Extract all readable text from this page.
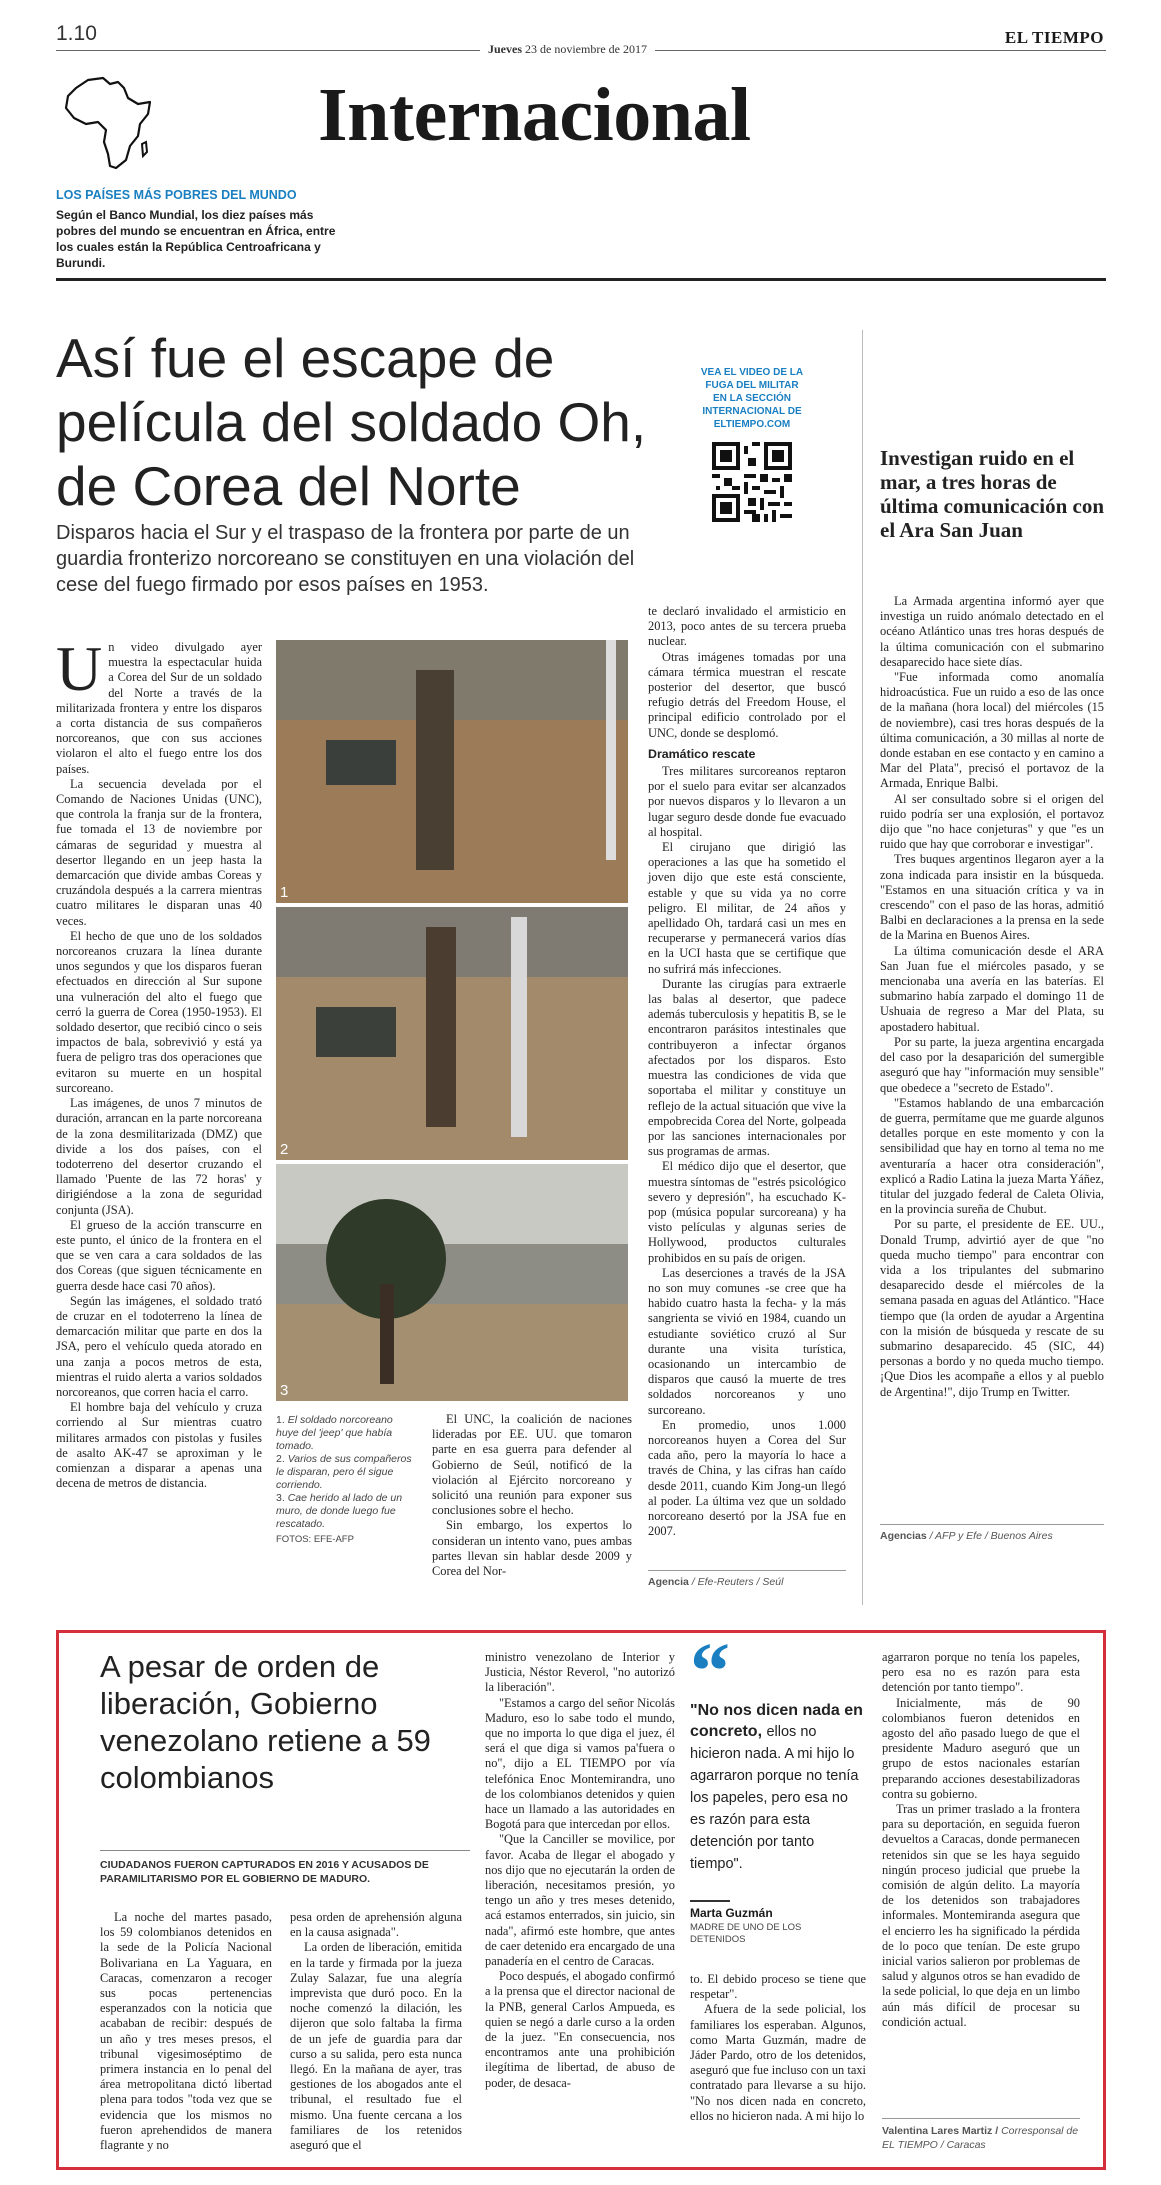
1.10
Jueves 23 de noviembre de 2017
EL TIEMPO
Internacional
LOS PAÍSES MÁS POBRES DEL MUNDO
Según el Banco Mundial, los diez países más pobres del mundo se encuentran en África, entre los cuales están la República Centroafricana y Burundi.
Así fue el escape de película del soldado Oh, de Corea del Norte
Disparos hacia el Sur y el traspaso de la frontera por parte de un guardia fronterizo norcoreano se constituyen en una violación del cese del fuego firmado por esos países en 1953.
VEA EL VIDEO DE LA FUGA DEL MILITAR EN LA SECCIÓN INTERNACIONAL DE ELTIEMPO.COM
U n video divulgado ayer muestra la espectacular huida a Corea del Sur de un soldado del Norte a través de la militarizada frontera y entre los disparos a corta distancia de sus compañeros norcoreanos, que con sus acciones violaron el alto el fuego entre los dos países.

La secuencia develada por el Comando de Naciones Unidas (UNC), que controla la franja sur de la frontera, fue tomada el 13 de noviembre por cámaras de seguridad y muestra al desertor llegando en un jeep hasta la demarcación que divide ambas Coreas y cruzándola después a la carrera mientras cuatro militares le disparan unas 40 veces.

El hecho de que uno de los soldados norcoreanos cruzara la línea durante unos segundos y que los disparos fueran efectuados en dirección al Sur supone una vulneración del alto el fuego que cerró la guerra de Corea (1950-1953). El soldado desertor, que recibió cinco o seis impactos de bala, sobrevivió y está ya fuera de peligro tras dos operaciones que evitaron su muerte en un hospital surcoreano.

Las imágenes, de unos 7 minutos de duración, arrancan en la parte norcoreana de la zona desmilitarizada (DMZ) que divide a los dos países, con el todoterreno del desertor cruzando el llamado 'Puente de las 72 horas' y dirigiéndose a la zona de seguridad conjunta (JSA).

El grueso de la acción transcurre en este punto, el único de la frontera en el que se ven cara a cara soldados de las dos Coreas (que siguen técnicamente en guerra desde hace casi 70 años).

Según las imágenes, el soldado trató de cruzar en el todoterreno la línea de demarcación militar que parte en dos la JSA, pero el vehículo queda atorado en una zanja a pocos metros de esta, mientras el ruido alerta a varios soldados norcoreanos, que corren hacia el carro.

El hombre baja del vehículo y cruza corriendo al Sur mientras cuatro militares armados con pistolas y fusiles de asalto AK-47 se aproximan y le comienzan a disparar a apenas una decena de metros de distancia.

1
2
3
1. El soldado norcoreano huye del 'jeep' que había tomado.
2. Varios de sus compañeros le disparan, pero él sigue corriendo.
3. Cae herido al lado de un muro, de donde luego fue rescatado.
FOTOS: EFE-AFP

El UNC, la coalición de naciones lideradas por EE. UU. que tomaron parte en esa guerra para defender al Gobierno de Seúl, notificó de la violación al Ejército norcoreano y solicitó una reunión para exponer sus conclusiones sobre el hecho.

Sin embargo, los expertos lo consideran un intento vano, pues ambas partes llevan sin hablar desde 2009 y Corea del Nor-

te declaró invalidado el armisticio en 2013, poco antes de su tercera prueba nuclear.

Otras imágenes tomadas por una cámara térmica muestran el rescate posterior del desertor, que buscó refugio detrás del Freedom House, el principal edificio controlado por el UNC, donde se desplomó.

Dramático rescate

Tres militares surcoreanos reptaron por el suelo para evitar ser alcanzados por nuevos disparos y lo llevaron a un lugar seguro desde donde fue evacuado al hospital.

El cirujano que dirigió las operaciones a las que ha sometido el joven dijo que este está consciente, estable y que su vida ya no corre peligro. El militar, de 24 años y apellidado Oh, tardará casi un mes en recuperarse y permanecerá varios días en la UCI hasta que se certifique que no sufrirá más infecciones.

Durante las cirugías para extraerle las balas al desertor, que padece además tuberculosis y hepatitis B, se le encontraron parásitos intestinales que contribuyeron a infectar órganos afectados por los disparos. Esto muestra las condiciones de vida que soportaba el militar y constituye un reflejo de la actual situación que vive la empobrecida Corea del Norte, golpeada por las sanciones internacionales por sus programas de armas.

El médico dijo que el desertor, que muestra síntomas de "estrés psicológico severo y depresión", ha escuchado K-pop (música popular surcoreana) y ha visto películas y algunas series de Hollywood, productos culturales prohibidos en su país de origen.

Las deserciones a través de la JSA no son muy comunes -se cree que ha habido cuatro hasta la fecha- y la más sangrienta se vivió en 1984, cuando un estudiante soviético cruzó al Sur durante una visita turística, ocasionando un intercambio de disparos que causó la muerte de tres soldados norcoreanos y uno surcoreano.

En promedio, unos 1.000 norcoreanos huyen a Corea del Sur cada año, pero la mayoría lo hace a través de China, y las cifras han caído desde 2011, cuando Kim Jong-un llegó al poder. La última vez que un soldado norcoreano desertó por la JSA fue en 2007.

Agencia / Efe-Reuters / Seúl
Investigan ruido en el mar, a tres horas de última comunicación con el Ara San Juan

La Armada argentina informó ayer que investiga un ruido anómalo detectado en el océano Atlántico unas tres horas después de la última comunicación con el submarino desaparecido hace siete días.

"Fue informada como anomalía hidroacústica. Fue un ruido a eso de las once de la mañana (hora local) del miércoles (15 de noviembre), casi tres horas después de la última comunicación, a 30 millas al norte de donde estaban en ese contacto y en camino a Mar del Plata", precisó el portavoz de la Armada, Enrique Balbi.

Al ser consultado sobre si el origen del ruido podría ser una explosión, el portavoz dijo que "no hace conjeturas" y que "es un ruido que hay que corroborar e investigar".

Tres buques argentinos llegaron ayer a la zona indicada para insistir en la búsqueda. "Estamos en una situación crítica y va in crescendo" con el paso de las horas, admitió Balbi en declaraciones a la prensa en la sede de la Marina en Buenos Aires.

La última comunicación desde el ARA San Juan fue el miércoles pasado, y se mencionaba una avería en las baterías. El submarino había zarpado el domingo 11 de Ushuaia de regreso a Mar del Plata, su apostadero habitual.

Por su parte, la jueza argentina encargada del caso por la desaparición del sumergible aseguró que hay "información muy sensible" que obedece a "secreto de Estado".

"Estamos hablando de una embarcación de guerra, permítame que me guarde algunos detalles porque en este momento y con la sensibilidad que hay en torno al tema no me aventuraría a hacer otra consideración", explicó a Radio Latina la jueza Marta Yáñez, titular del juzgado federal de Caleta Olivia, en la provincia sureña de Chubut.

Por su parte, el presidente de EE. UU., Donald Trump, advirtió ayer de que "no queda mucho tiempo" para encontrar con vida a los tripulantes del submarino desaparecido desde el miércoles de la semana pasada en aguas del Atlántico. "Hace tiempo que (la orden de ayudar a Argentina con la misión de búsqueda y rescate de su submarino desaparecido. 45 (SIC, 44) personas a bordo y no queda mucho tiempo. ¡Que Dios les acompañe a ellos y al pueblo de Argentina!", dijo Trump en Twitter.

Agencias / AFP y Efe / Buenos Aires
A pesar de orden de liberación, Gobierno venezolano retiene a 59 colombianos
CIUDADANOS FUERON CAPTURADOS EN 2016 Y ACUSADOS DE PARAMILITARISMO POR EL GOBIERNO DE MADURO.

La noche del martes pasado, los 59 colombianos detenidos en la sede de la Policía Nacional Bolivariana en La Yaguara, en Caracas, comenzaron a recoger sus pocas pertenencias esperanzados con la noticia que acababan de recibir: después de un año y tres meses presos, el tribunal vigesimoséptimo de primera instancia en lo penal del área metropolitana dictó libertad plena para todos "toda vez que se evidencia que los mismos no fueron aprehendidos de manera flagrante y no

pesa orden de aprehensión alguna en la causa asignada".

La orden de liberación, emitida en la tarde y firmada por la jueza Zulay Salazar, fue una alegría imprevista que duró poco. En la noche comenzó la dilación, les dijeron que solo faltaba la firma de un jefe de guardia para dar curso a su salida, pero esta nunca llegó. En la mañana de ayer, tras gestiones de los abogados ante el tribunal, el resultado fue el mismo. Una fuente cercana a los familiares de los retenidos aseguró que el

ministro venezolano de Interior y Justicia, Néstor Reverol, "no autorizó la liberación".

"Estamos a cargo del señor Nicolás Maduro, eso lo sabe todo el mundo, que no importa lo que diga el juez, él será el que diga si vamos pa'fuera o no", dijo a EL TIEMPO por vía telefónica Enoc Montemirandra, uno de los colombianos detenidos y quien hace un llamado a las autoridades en Bogotá para que intercedan por ellos.

"Que la Canciller se movilice, por favor. Acaba de llegar el abogado y nos dijo que no ejecutarán la orden de liberación, necesitamos presión, yo tengo un año y tres meses detenido, acá estamos enterrados, sin juicio, sin nada", afirmó este hombre, que antes de caer detenido era encargado de una panadería en el centro de Caracas.

Poco después, el abogado confirmó a la prensa que el director nacional de la PNB, general Carlos Ampueda, es quien se negó a darle curso a la orden de la juez. "En consecuencia, nos encontramos ante una prohibición ilegítima de libertad, de abuso de poder, de desaca-

“
"No nos dicen nada en concreto, ellos no hicieron nada. A mi hijo lo agarraron porque no tenía los papeles, pero esa no es razón para esta detención por tanto tiempo".
Marta Guzmán
MADRE DE UNO DE LOS DETENIDOS

to. El debido proceso se tiene que respetar".

Afuera de la sede policial, los familiares los esperaban. Algunos, como Marta Guzmán, madre de Jáder Pardo, otro de los detenidos, aseguró que fue incluso con un taxi contratado para llevarse a su hijo. "No nos dicen nada en concreto, ellos no hicieron nada. A mi hijo lo

agarraron porque no tenía los papeles, pero esa no es razón para esta detención por tanto tiempo".

Inicialmente, más de 90 colombianos fueron detenidos en agosto del año pasado luego de que el presidente Maduro aseguró que un grupo de estos nacionales estarían preparando acciones desestabilizadoras contra su gobierno.

Tras un primer traslado a la frontera para su deportación, en seguida fueron devueltos a Caracas, donde permanecen retenidos sin que se les haya seguido ningún proceso judicial que pruebe la comisión de algún delito. La mayoría de los detenidos son trabajadores informales. Montemiranda asegura que el encierro les ha significado la pérdida de lo poco que tenían. De este grupo inicial varios salieron por problemas de salud y algunos otros se han evadido de la sede policial, lo que deja en un limbo aún más difícil de procesar su condición actual.

Valentina Lares Martiz / Corresponsal de EL TIEMPO / Caracas
